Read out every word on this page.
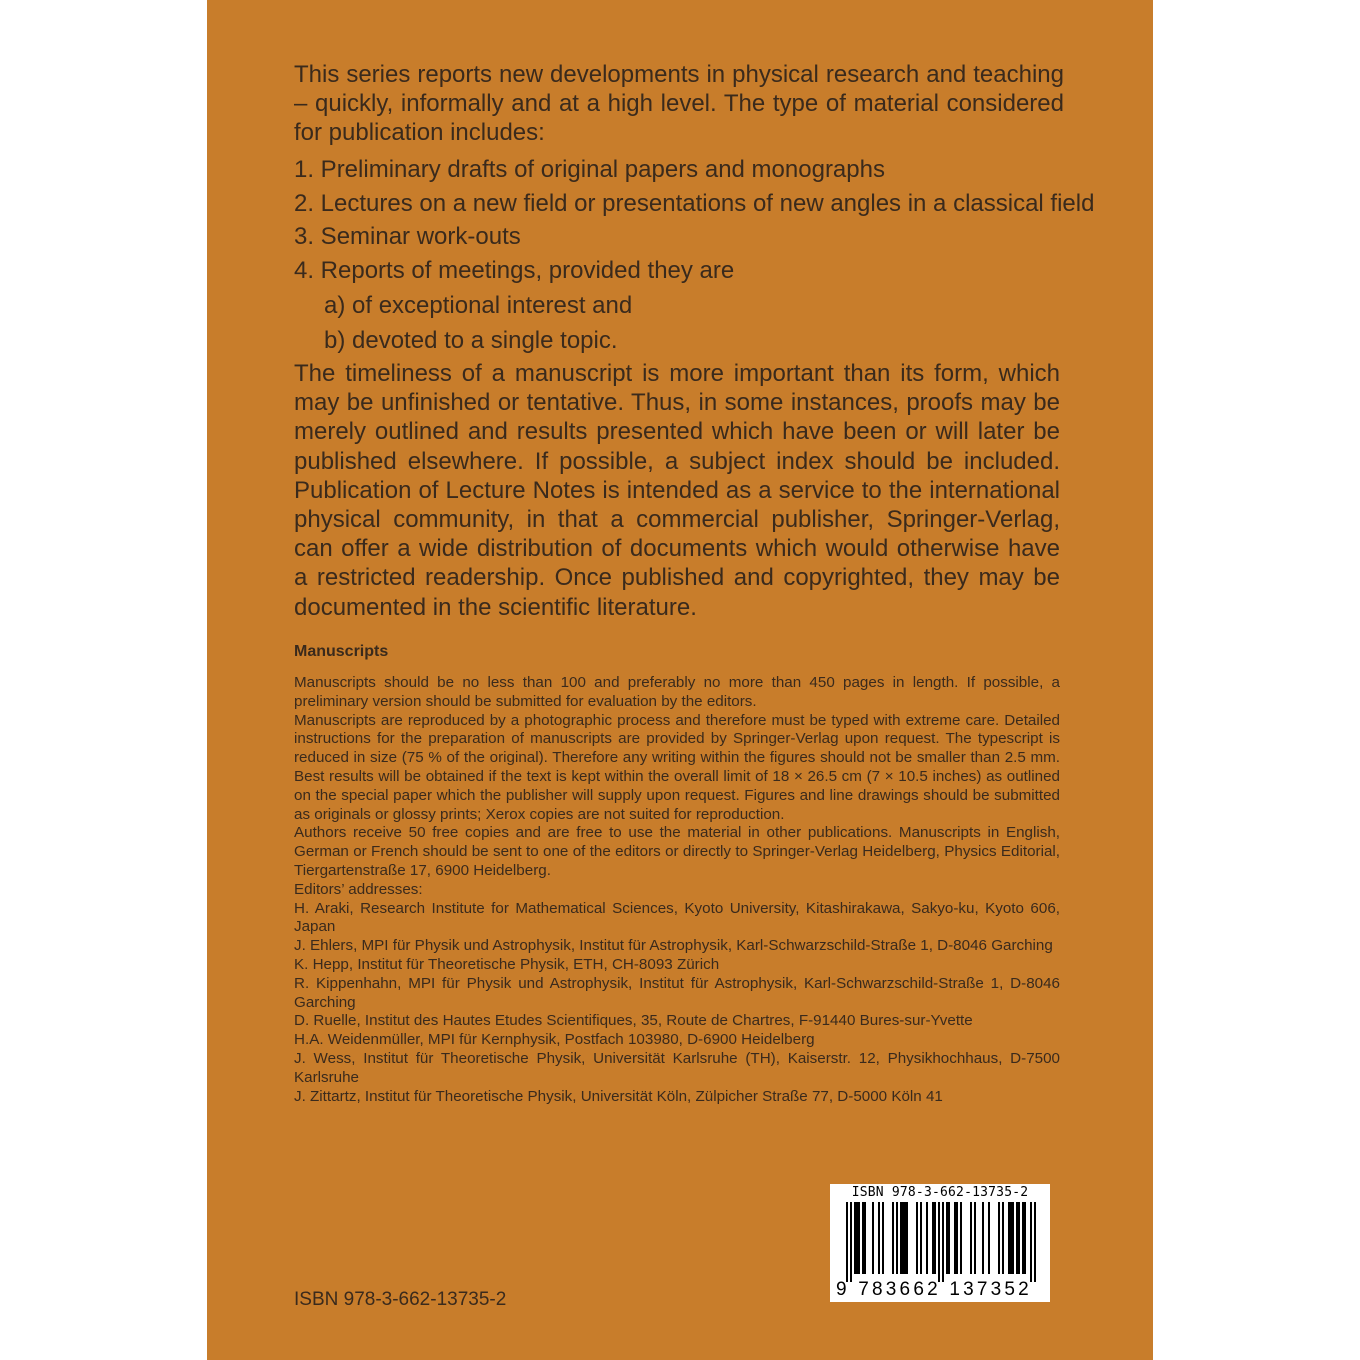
This series reports new developments in physical research and teaching – quickly, informally and at a high level. The type of material considered for publication includes:

1. Preliminary drafts of original papers and monographs
2. Lectures on a new field or presentations of new angles in a classical field
3. Seminar work-outs
4. Reports of meetings, provided they are
a) of exceptional interest and
b) devoted to a single topic.

The timeliness of a manuscript is more important than its form, which may be unfinished or tentative. Thus, in some instances, proofs may be merely outlined and results presented which have been or will later be published elsewhere. If possible, a subject index should be included. Publication of Lecture Notes is intended as a service to the international physical community, in that a commercial publisher, Springer-Verlag, can offer a wide distribution of documents which would otherwise have a restricted readership. Once published and copyrighted, they may be documented in the scientific literature.

Manuscripts

Manuscripts should be no less than 100 and preferably no more than 450 pages in length. If possible, a preliminary version should be submitted for evaluation by the editors.

Manuscripts are reproduced by a photographic process and therefore must be typed with extreme care. Detailed instructions for the preparation of manuscripts are provided by Springer-Verlag upon request. The typescript is reduced in size (75 % of the original). Therefore any writing within the figures should not be smaller than 2.5 mm. Best results will be obtained if the text is kept within the overall limit of 18 × 26.5 cm (7 × 10.5 inches) as outlined on the special paper which the publisher will supply upon request. Figures and line drawings should be submitted as originals or glossy prints; Xerox copies are not suited for reproduction.

Authors receive 50 free copies and are free to use the material in other publications. Manuscripts in English, German or French should be sent to one of the editors or directly to Springer-Verlag Heidelberg, Physics Editorial, Tiergartenstraße 17, 6900 Heidelberg.

Editors’ addresses:

H. Araki, Research Institute for Mathematical Sciences, Kyoto University, Kitashirakawa, Sakyo-ku, Kyoto 606, Japan

J. Ehlers, MPI für Physik und Astrophysik, Institut für Astrophysik, Karl-Schwarzschild-Straße 1, D-8046 Garching

K. Hepp, Institut für Theoretische Physik, ETH, CH-8093 Zürich

R. Kippenhahn, MPI für Physik und Astrophysik, Institut für Astrophysik, Karl-Schwarzschild-Straße 1, D-8046 Garching

D. Ruelle, Institut des Hautes Etudes Scientifiques, 35, Route de Chartres, F-91440 Bures-sur-Yvette

H.A. Weidenmüller, MPI für Kernphysik, Postfach 103980, D-6900 Heidelberg

J. Wess, Institut für Theoretische Physik, Universität Karlsruhe (TH), Kaiserstr. 12, Physikhochhaus, D-7500 Karlsruhe

J. Zittartz, Institut für Theoretische Physik, Universität Köln, Zülpicher Straße 77, D-5000 Köln 41

ISBN 978-3-662-13735-2
ISBN 978-3-662-13735-2
9 783662 137352
